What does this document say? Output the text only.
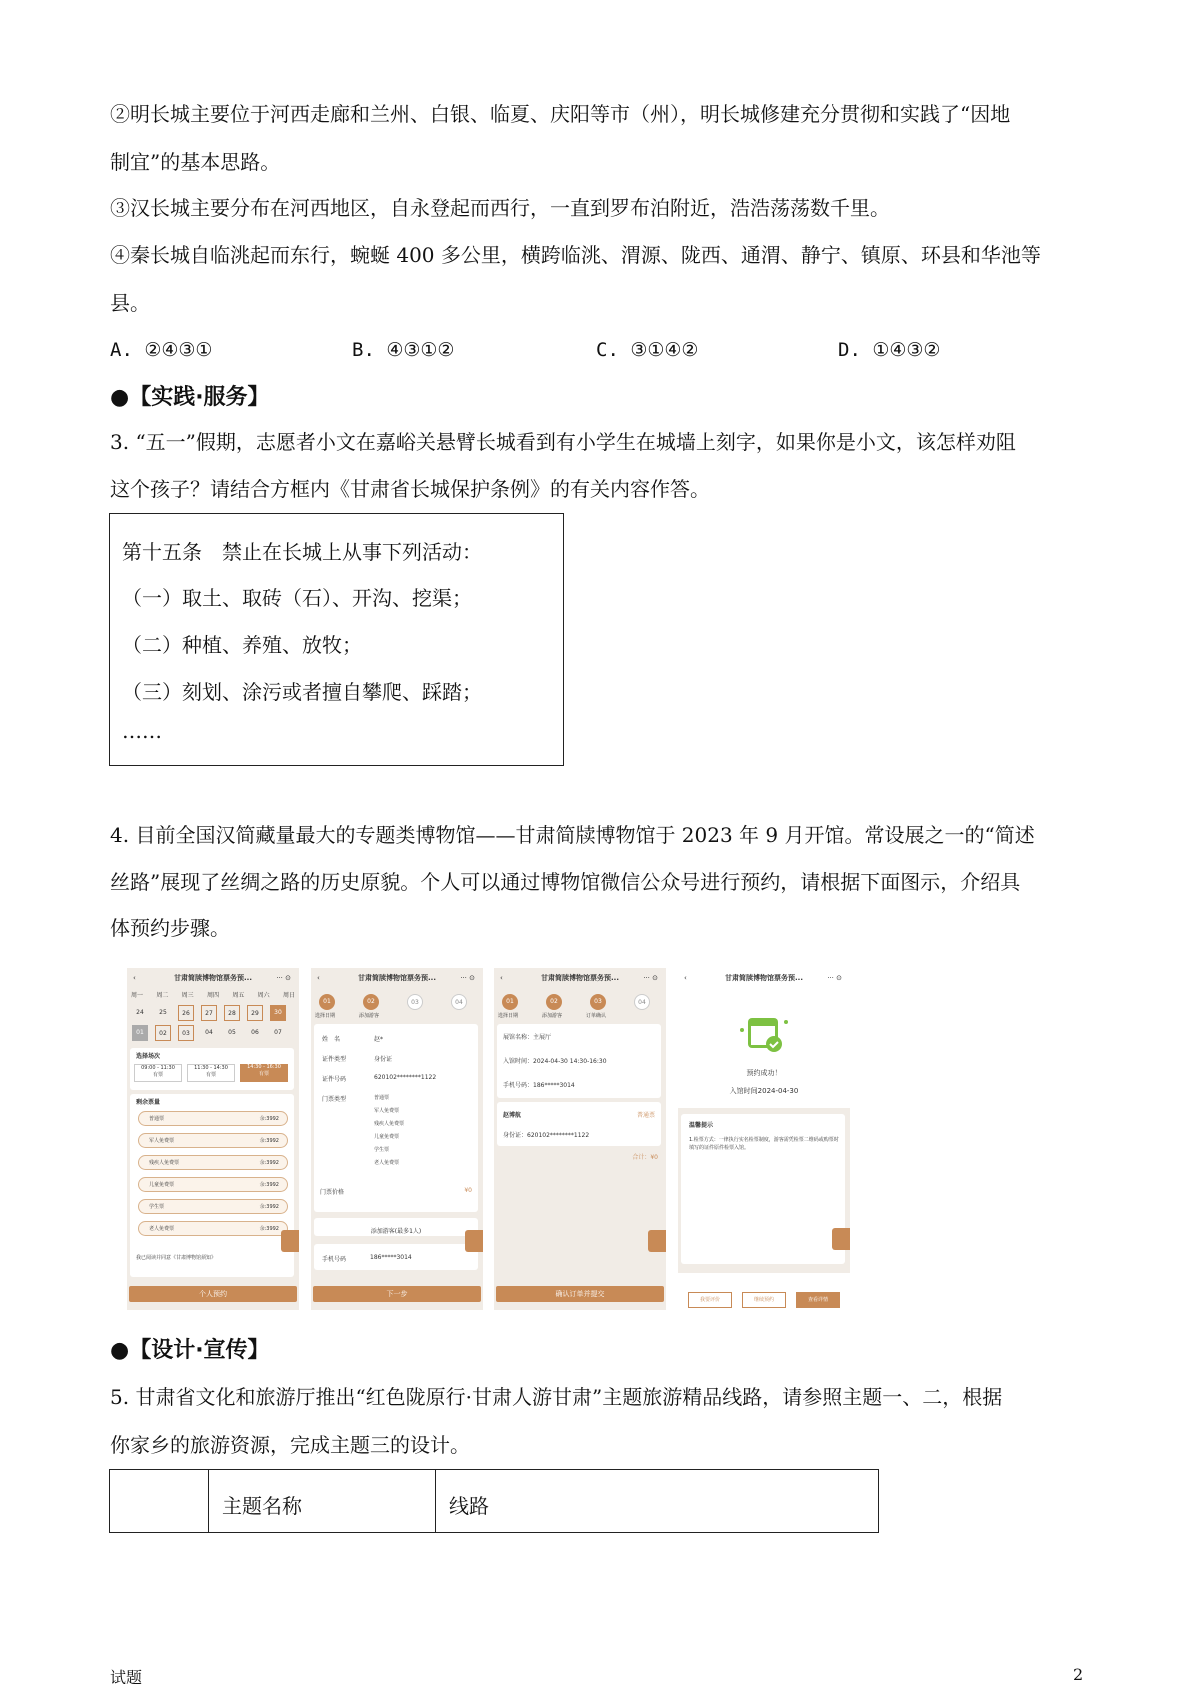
②明长城主要位于河西走廊和兰州、白银、临夏、庆阳等市（州），明长城修建充分贯彻和实践了“因地
制宜”的基本思路。
③汉长城主要分布在河西地区，自永登起而西行，一直到罗布泊附近，浩浩荡荡数千里。
④秦长城自临洮起而东行，蜿蜒 400 多公里，横跨临洮、渭源、陇西、通渭、静宁、镇原、环县和华池等
县。
A. ②④③①	B. ④③①②	C. ③①④②	D. ①④③②
●【实践·服务】
3. “五一”假期，志愿者小文在嘉峪关悬臂长城看到有小学生在城墙上刻字，如果你是小文，该怎样劝阻
这个孩子？请结合方框内《甘肃省长城保护条例》的有关内容作答。
第十五条　禁止在长城上从事下列活动：
（一）取土、取砖（石）、开沟、挖渠；
（二）种植、养殖、放牧；
（三）刻划、涂污或者擅自攀爬、踩踏；
……
4. 目前全国汉简藏量最大的专题类博物馆——甘肃简牍博物馆于 2023 年 9 月开馆。常设展之一的“简述
丝路”展现了丝绸之路的历史原貌。个人可以通过博物馆微信公众号进行预约，请根据下面图示，介绍具
体预约步骤。
‹	甘肃简牍博物馆票务预...	··· ⊙
周一 周二 周三 周四 周五 周六 周日
24	25	26	27	28	29	30
01	02	03	04	05	06	07
选择场次
09:00 - 11:30
有票
11:30 - 14:30
有票
14:30 - 16:30
有票
剩余票量
普通票	余:3992
军人免费票	余:3992
残疾人免费票	余:3992
儿童免费票	余:3992
学生票	余:3992
老人免费票	余:3992
我已阅读并同意《甘肃博物馆须知》
个人预约
‹	甘肃简牍博物馆票务预...	··· ⊙
01	02	03	04
选择日期	添加游客
姓　名	赵*
证件类型	身份证
证件号码	620102********1122
门票类型	普通票
军人免费票
残疾人免费票
儿童免费票
学生票
老人免费票
门票价格	¥0
添加游客(最多1人)
手机号码	186*****3014
下一步
‹	甘肃简牍博物馆票务预...	··· ⊙
01	02	03	04
选择日期	添加游客	订单确认
展馆名称：主展厅
入馆时间：2024-04-30 14:30-16:30
手机号码：186*****3014
赵博航	普通票
身份证：620102********1122
合计：¥0
确认订单并提交
‹	甘肃简牍博物馆票务预...	··· ⊙
预约成功！
入馆时间2024-04-30
温馨提示
1.检票方式：一律执行实名检票制度，游客需凭检票二维码或购票时填写的证件原件检票入馆。
我要评价	继续预约	查看详情
●【设计·宣传】
5. 甘肃省文化和旅游厅推出“红色陇原行·甘肃人游甘肃”主题旅游精品线路，请参照主题一、二，根据
你家乡的旅游资源，完成主题三的设计。
主题名称	线路
试题	2
